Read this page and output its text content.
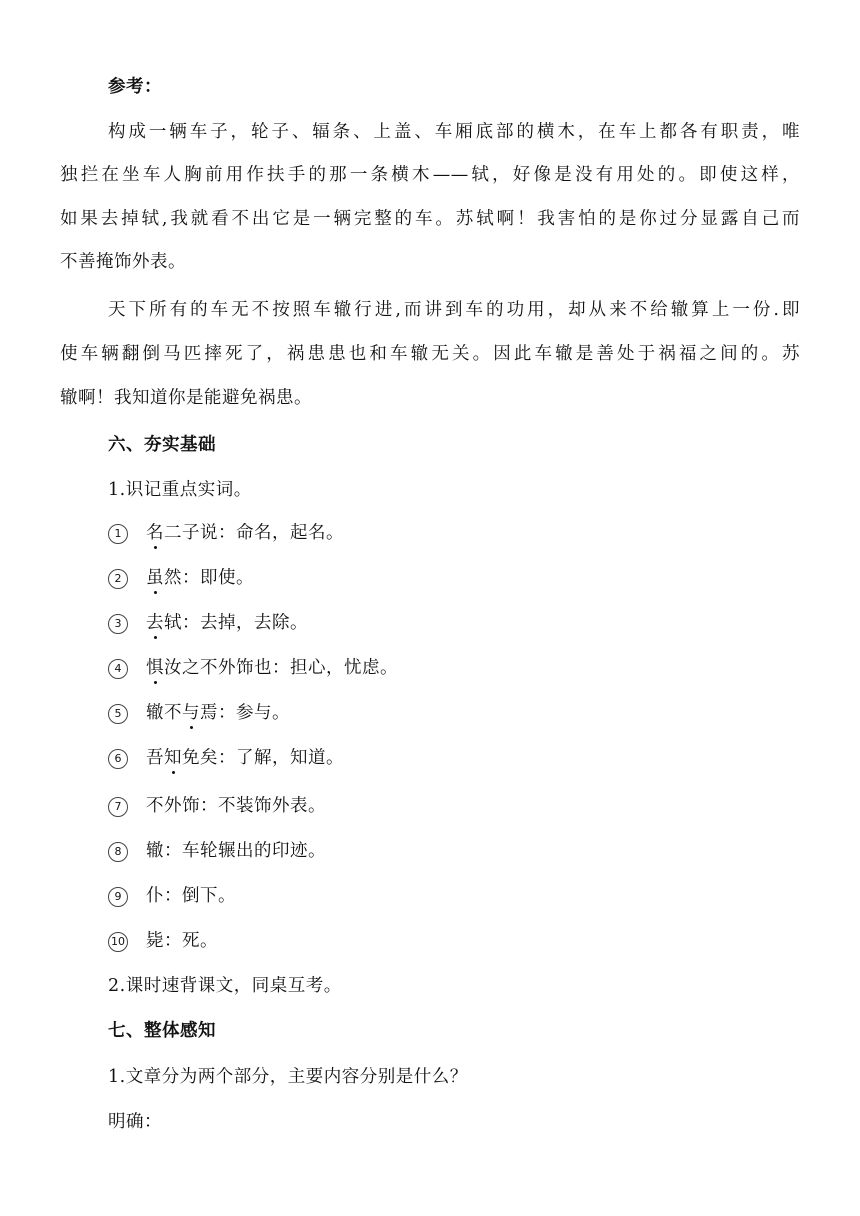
参考：
构成一辆车子，轮子、辐条、上盖、车厢底部的横木，在车上都各有职责，唯
独拦在坐车人胸前用作扶手的那一条横木——轼，好像是没有用处的。即使这样，
如果去掉轼,我就看不出它是一辆完整的车。苏轼啊！我害怕的是你过分显露自己而
不善掩饰外表。
天下所有的车无不按照车辙行进,而讲到车的功用，却从来不给辙算上一份.即
使车辆翻倒马匹摔死了，祸患患也和车辙无关。因此车辙是善处于祸福之间的。苏
辙啊！我知道你是能避免祸患。
六、夯实基础
1.识记重点实词。
1 名二子说：命名，起名。
2 虽然：即使。
3 去轼：去掉，去除。
4 惧汝之不外饰也：担心，忧虑。
5 辙不与焉：参与。
6 吾知免矣：了解，知道。
7 不外饰：不装饰外表。
8 辙：车轮辗出的印迹。
9 仆：倒下。
10 毙：死。
2.课时速背课文，同桌互考。
七、整体感知
1.文章分为两个部分，主要内容分别是什么？
明确：
